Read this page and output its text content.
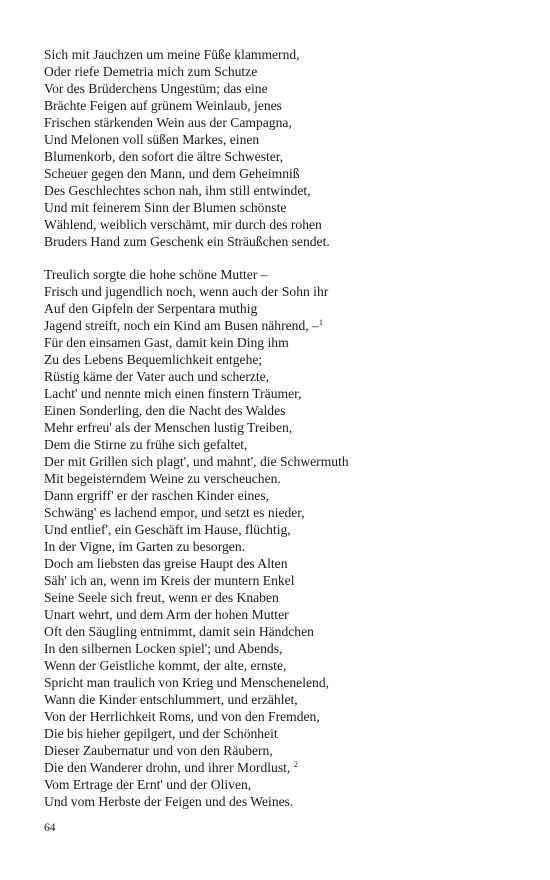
Sich mit Jauchzen um meine Füße klammernd,
Oder riefe Demetria mich zum Schutze
Vor des Brüderchens Ungestüm; das eine
Brächte Feigen auf grünem Weinlaub, jenes
Frischen stärkenden Wein aus der Campagna,
Und Melonen voll süßen Markes, einen
Blumenkorb, den sofort die ältre Schwester,
Scheuer gegen den Mann, und dem Geheimniß
Des Geschlechtes schon nah, ihm still entwindet,
Und mit feinerem Sinn der Blumen schönste
Wählend, weiblich verschämt, mir durch des rohen
Bruders Hand zum Geschenk ein Sträußchen sendet.
Treulich sorgte die hohe schöne Mutter –
Frisch und jugendlich noch, wenn auch der Sohn ihr
Auf den Gipfeln der Serpentara muthig
Jagend streift, noch ein Kind am Busen nährend, –$^1$
Für den einsamen Gast, damit kein Ding ihm
Zu des Lebens Bequemlichkeit entgehe;
Rüstig käme der Vater auch und scherzte,
Lacht' und nennte mich einen finstern Träumer,
Einen Sonderling, den die Nacht des Waldes
Mehr erfreu' als der Menschen lustig Treiben,
Dem die Stirne zu frühe sich gefaltet,
Der mit Grillen sich plagt', und mahnt', die Schwermuth
Mit begeisterndem Weine zu verscheuchen.
Dann ergriff' er der raschen Kinder eines,
Schwäng' es lachend empor, und setzt es nieder,
Und entlief', ein Geschäft im Hause, flüchtig,
In der Vigne, im Garten zu besorgen.
Doch am liebsten das greise Haupt des Alten
Säh' ich an, wenn im Kreis der muntern Enkel
Seine Seele sich freut, wenn er des Knaben
Unart wehrt, und dem Arm der hohen Mutter
Oft den Säugling entnimmt, damit sein Händchen
In den silbernen Locken spiel'; und Abends,
Wenn der Geistliche kommt, der alte, ernste,
Spricht man traulich von Krieg und Menschenelend,
Wann die Kinder entschlummert, und erzählet,
Von der Herrlichkeit Roms, und von den Fremden,
Die bis hieher gepilgert, und der Schönheit
Dieser Zaubernatur und von den Räubern,
Die den Wanderer drohn, und ihrer Mordlust, $^2$
Vom Ertrage der Ernt' und der Oliven,
Und vom Herbste der Feigen und des Weines.
64
